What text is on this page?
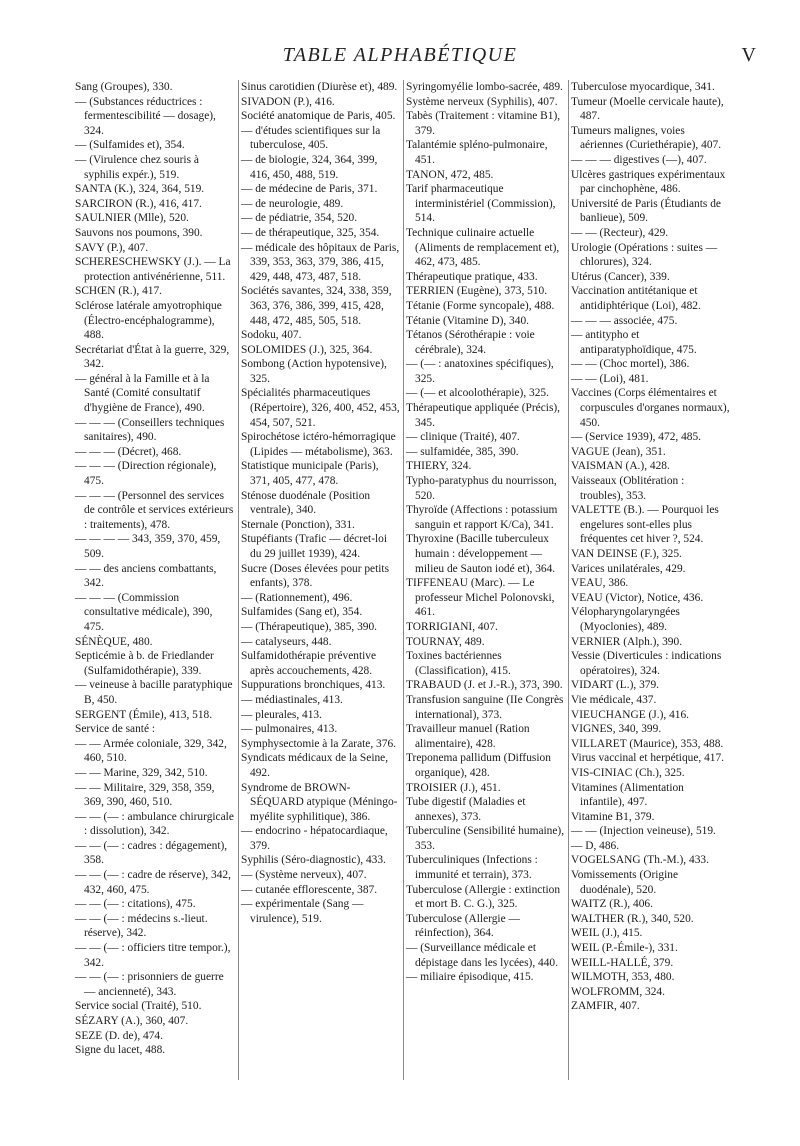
TABLE ALPHABÉTIQUE	V

Sang (Groupes), 330.

— (Substances réductrices : fermentescibilité — dosage), 324.

— (Sulfamides et), 354.

— (Virulence chez souris à syphilis expér.), 519.

SANTA (K.), 324, 364, 519.

SARCIRON (R.), 416, 417.

SAULNIER (Mlle), 520.

Sauvons nos poumons, 390.

SAVY (P.), 407.

SCHERESCHEWSKY (J.). — La protection antivénérienne, 511.

SCHŒN (R.), 417.

Sclérose latérale amyotrophique (Électro-encéphalogramme), 488.

Secrétariat d'État à la guerre, 329, 342.

— général à la Famille et à la Santé (Comité consultatif d'hygiène de France), 490.

— — — (Conseillers techniques sanitaires), 490.

— — — (Décret), 468.

— — — (Direction régionale), 475.

— — — (Personnel des services de contrôle et services extérieurs : traitements), 478.

— — — — 343, 359, 370, 459, 509.

— — des anciens combattants, 342.

— — — (Commission consultative médicale), 390, 475.

SÉNÈQUE, 480.

Septicémie à b. de Friedlander (Sulfamidothérapie), 339.

— veineuse à bacille paratyphique B, 450.

SERGENT (Émile), 413, 518.

Service de santé :

— — Armée coloniale, 329, 342, 460, 510.

— — Marine, 329, 342, 510.

— — Militaire, 329, 358, 359, 369, 390, 460, 510.

— — (— : ambulance chirurgicale : dissolution), 342.

— — (— : cadres : dégagement), 358.

— — (— : cadre de réserve), 342, 432, 460, 475.

— — (— : citations), 475.

— — (— : médecins s.-lieut. réserve), 342.

— — (— : officiers titre tempor.), 342.

— — (— : prisonniers de guerre — ancienneté), 343.

Service social (Traité), 510.

SÉZARY (A.), 360, 407.

SEZE (D. de), 474.

Signe du lacet, 488.

Sinus carotidien (Diurèse et), 489.

SIVADON (P.), 416.

Société anatomique de Paris, 405.

— d'études scientifiques sur la tuberculose, 405.

— de biologie, 324, 364, 399, 416, 450, 488, 519.

— de médecine de Paris, 371.

— de neurologie, 489.

— de pédiatrie, 354, 520.

— de thérapeutique, 325, 354.

— médicale des hôpitaux de Paris, 339, 353, 363, 379, 386, 415, 429, 448, 473, 487, 518.

Sociétés savantes, 324, 338, 359, 363, 376, 386, 399, 415, 428, 448, 472, 485, 505, 518.

Sodoku, 407.

SOLOMIDES (J.), 325, 364.

Sombong (Action hypotensive), 325.

Spécialités pharmaceutiques (Répertoire), 326, 400, 452, 453, 454, 507, 521.

Spirochétose ictéro-hémorragique (Lipides — métabolisme), 363.

Statistique municipale (Paris), 371, 405, 477, 478.

Sténose duodénale (Position ventrale), 340.

Sternale (Ponction), 331.

Stupéfiants (Trafic — décret-loi du 29 juillet 1939), 424.

Sucre (Doses élevées pour petits enfants), 378.

— (Rationnement), 496.

Sulfamides (Sang et), 354.

— (Thérapeutique), 385, 390.

— catalyseurs, 448.

Sulfamidothérapie préventive après accouchements, 428.

Suppurations bronchiques, 413.

— médiastinales, 413.

— pleurales, 413.

— pulmonaires, 413.

Symphysectomie à la Zarate, 376.

Syndicats médicaux de la Seine, 492.

Syndrome de BROWN-SÉQUARD atypique (Méningo-myélite syphilitique), 386.

— endocrino - hépatocardiaque, 379.

Syphilis (Séro-diagnostic), 433.

— (Système nerveux), 407.

— cutanée efflorescente, 387.

— expérimentale (Sang — virulence), 519.

Syringomyélie lombo-sacrée, 489.

Système nerveux (Syphilis), 407.

Tabès (Traitement : vitamine B1), 379.

Talantémie spléno-pulmonaire, 451.

TANON, 472, 485.

Tarif pharmaceutique interministériel (Commission), 514.

Technique culinaire actuelle (Aliments de remplacement et), 462, 473, 485.

Thérapeutique pratique, 433.

TERRIEN (Eugène), 373, 510.

Tétanie (Forme syncopale), 488.

Tétanie (Vitamine D), 340.

Tétanos (Sérothérapie : voie cérébrale), 324.

— (— : anatoxines spécifiques), 325.

— (— et alcoolothérapie), 325.

Thérapeutique appliquée (Précis), 345.

— clinique (Traité), 407.

— sulfamidée, 385, 390.

THIERY, 324.

Typho-paratyphus du nourrisson, 520.

Thyroïde (Affections : potassium sanguin et rapport K/Ca), 341.

Thyroxine (Bacille tuberculeux humain : développement — milieu de Sauton iodé et), 364.

TIFFENEAU (Marc). — Le professeur Michel Polonovski, 461.

TORRIGIANI, 407.

TOURNAY, 489.

Toxines bactériennes (Classification), 415.

TRABAUD (J. et J.-R.), 373, 390.

Transfusion sanguine (IIe Congrès international), 373.

Travailleur manuel (Ration alimentaire), 428.

Treponema pallidum (Diffusion organique), 428.

TROISIER (J.), 451.

Tube digestif (Maladies et annexes), 373.

Tuberculine (Sensibilité humaine), 353.

Tuberculiniques (Infections : immunité et terrain), 373.

Tuberculose (Allergie : extinction et mort B. C. G.), 325.

Tuberculose (Allergie — réinfection), 364.

— (Surveillance médicale et dépistage dans les lycées), 440.

— miliaire épisodique, 415.

Tuberculose myocardique, 341.

Tumeur (Moelle cervicale haute), 487.

Tumeurs malignes, voies aériennes (Curiethérapie), 407.

— — — digestives (—), 407.

Ulcères gastriques expérimentaux par cinchophène, 486.

Université de Paris (Étudiants de banlieue), 509.

— — (Recteur), 429.

Urologie (Opérations : suites — chlorures), 324.

Utérus (Cancer), 339.

Vaccination antitétanique et antidiphtérique (Loi), 482.

— — — associée, 475.

— antitypho et antiparatyphoïdique, 475.

— — (Choc mortel), 386.

— — (Loi), 481.

Vaccines (Corps élémentaires et corpuscules d'organes normaux), 450.

— (Service 1939), 472, 485.

VAGUE (Jean), 351.

VAISMAN (A.), 428.

Vaisseaux (Oblitération : troubles), 353.

VALETTE (B.). — Pourquoi les engelures sont-elles plus fréquentes cet hiver ?, 524.

VAN DEINSE (F.), 325.

Varices unilatérales, 429.

VEAU, 386.

VEAU (Victor), Notice, 436.

Vélopharyngolaryngées (Myoclonies), 489.

VERNIER (Alph.), 390.

Vessie (Diverticules : indications opératoires), 324.

VIDART (L.), 379.

Vie médicale, 437.

VIEUCHANGE (J.), 416.

VIGNES, 340, 399.

VILLARET (Maurice), 353, 488.

Virus vaccinal et herpétique, 417.

VIS-CINIAC (Ch.), 325.

Vitamines (Alimentation infantile), 497.

Vitamine B1, 379.

— — (Injection veineuse), 519.

— D, 486.

VOGELSANG (Th.-M.), 433.

Vomissements (Origine duodénale), 520.

WAITZ (R.), 406.

WALTHER (R.), 340, 520.

WEIL (J.), 415.

WEIL (P.-Émile-), 331.

WEILL-HALLÉ, 379.

WILMOTH, 353, 480.

WOLFROMM, 324.

ZAMFIR, 407.
